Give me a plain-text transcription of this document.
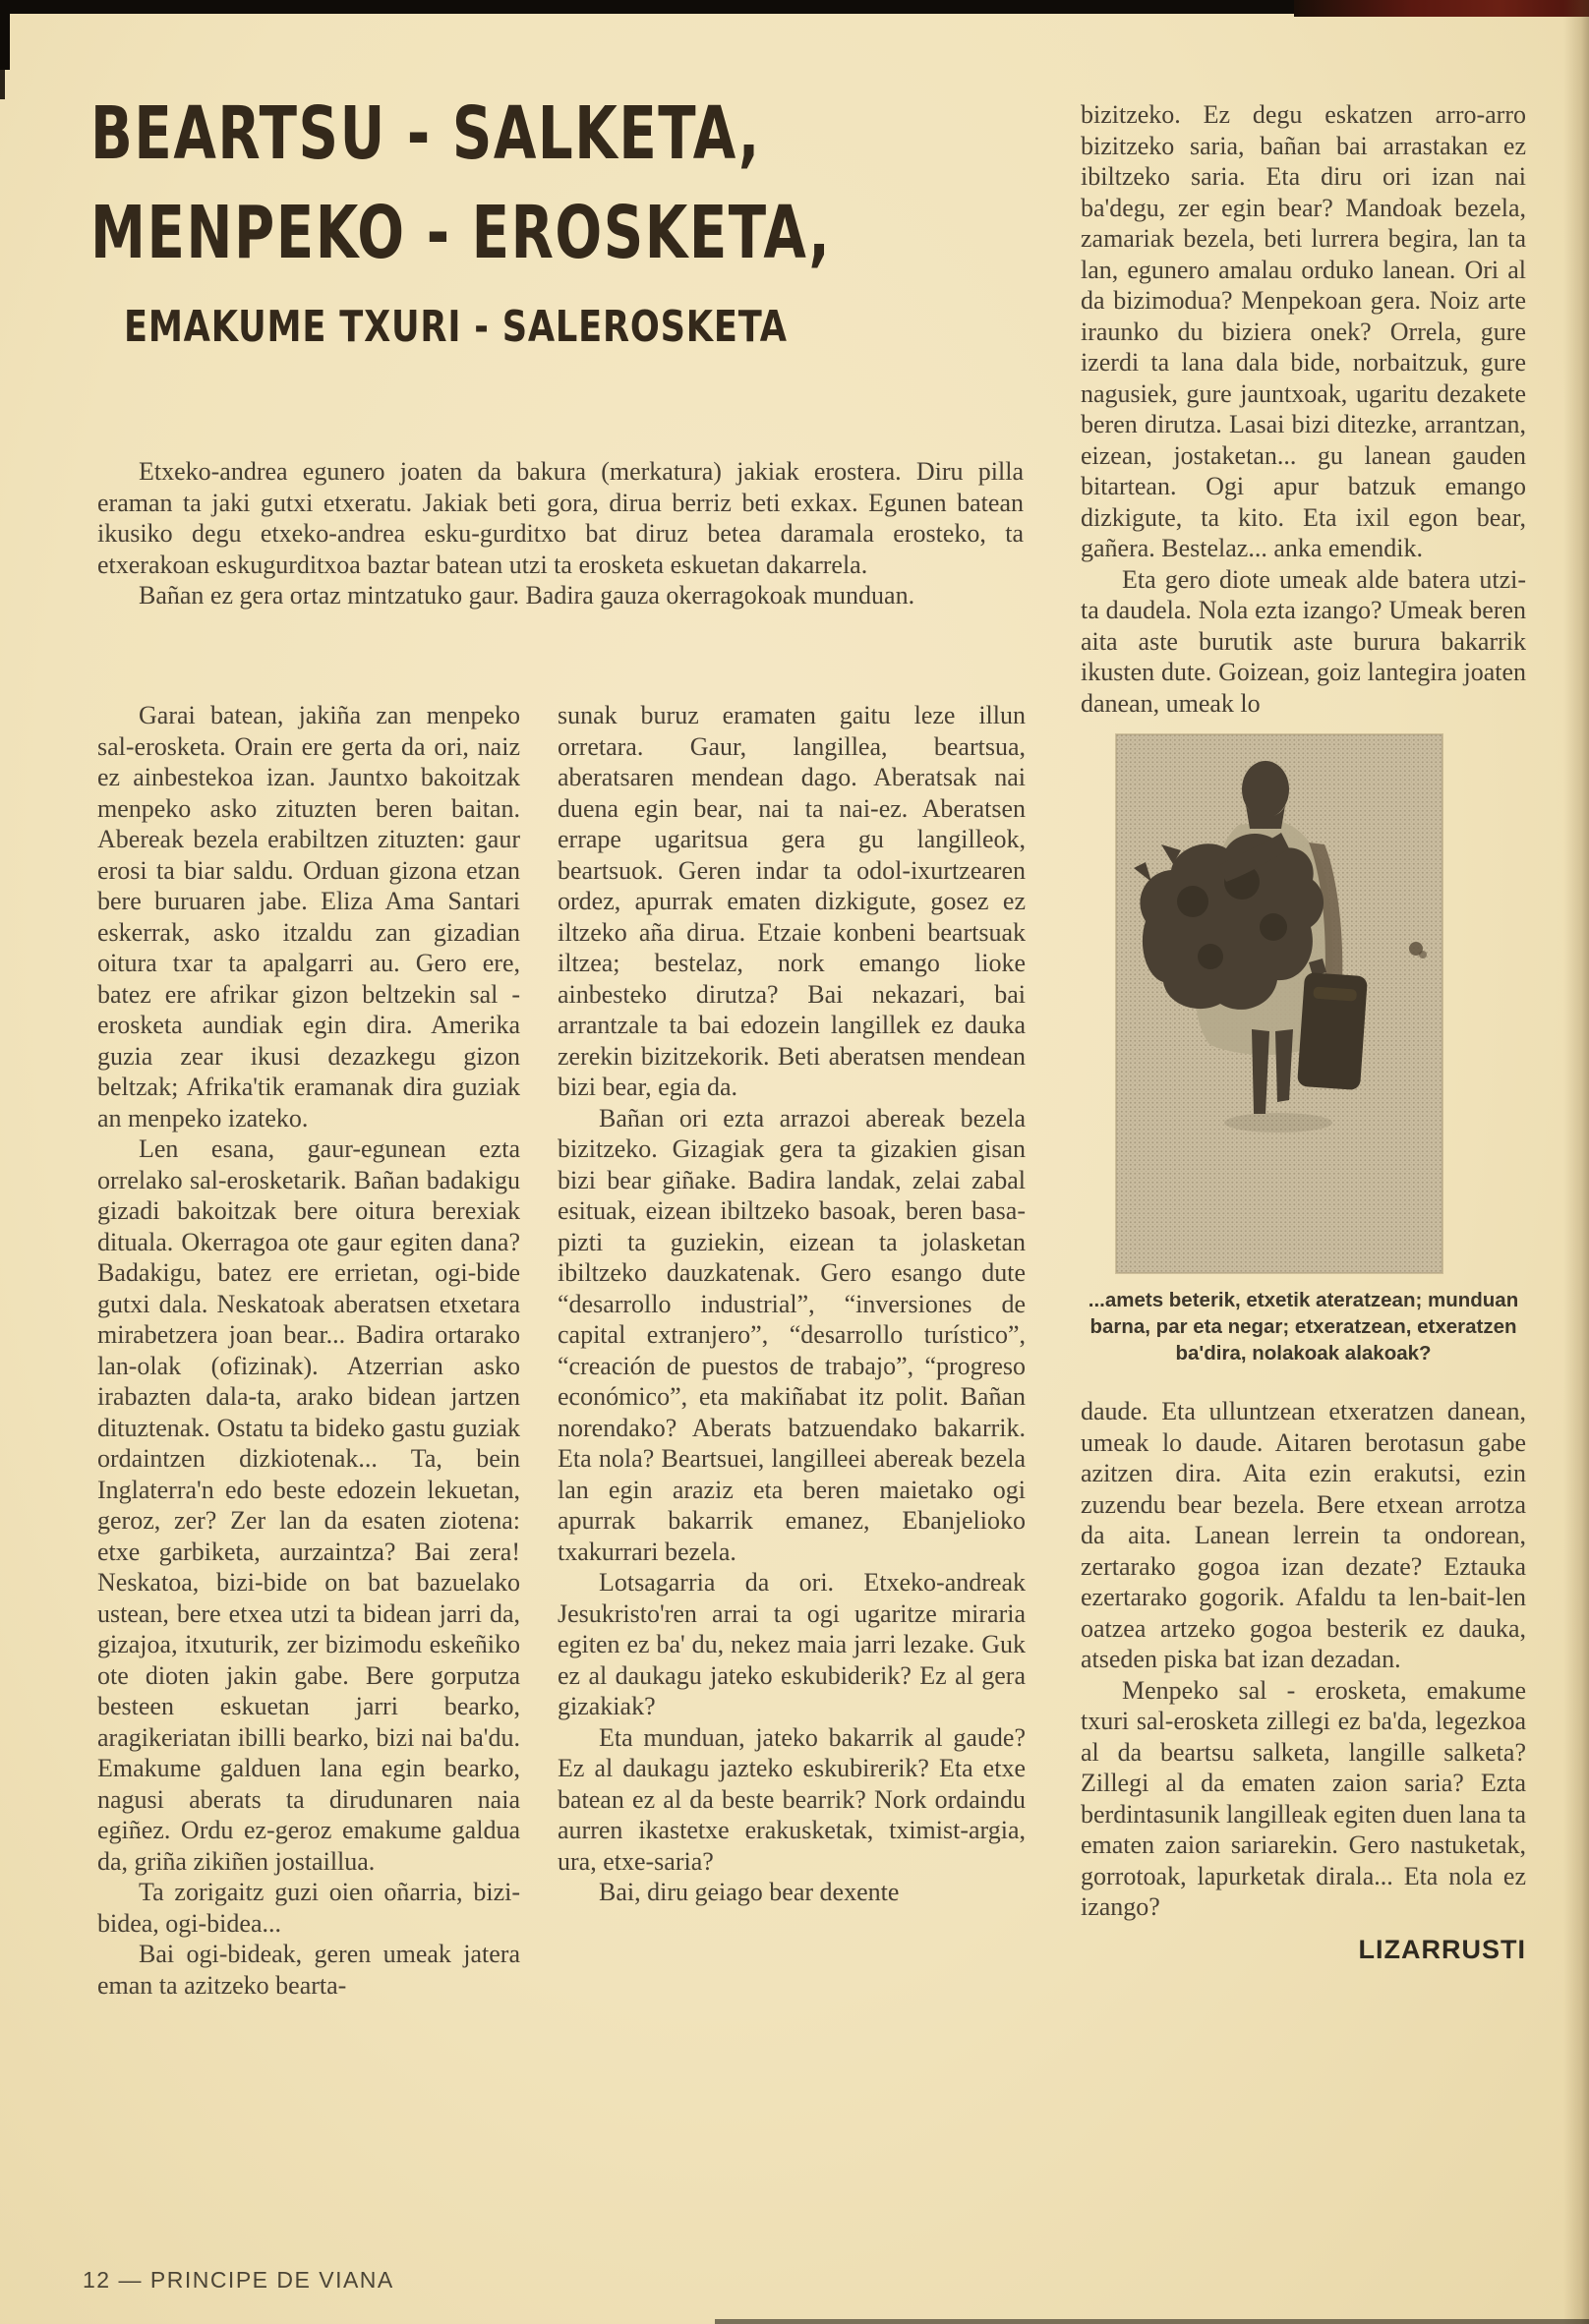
BEARTSU - SALKETA,
MENPEKO - EROSKETA,
EMAKUME TXURI - SALEROSKETA

Etxeko-andrea egunero joaten da bakura (merkatura) jakiak erostera. Diru pilla eraman ta jaki gutxi etxeratu. Jakiak beti gora, dirua berriz beti exkax. Egunen batean ikusiko degu etxeko-andrea esku-gurditxo bat diruz betea daramala erosteko, ta etxerakoan eskugurditxoa baztar batean utzi ta erosketa eskuetan dakarrela.

Bañan ez gera ortaz mintzatuko gaur. Badira gauza okerragokoak munduan.

Garai batean, jakiña zan menpeko sal-erosketa. Orain ere gerta da ori, naiz ez ainbestekoa izan. Jauntxo bakoitzak menpeko asko zituzten beren baitan. Abereak bezela erabiltzen zituzten: gaur erosi ta biar saldu. Orduan gizona etzan bere buruaren jabe. Eliza Ama Santari eskerrak, asko itzaldu zan gizadian oitura txar ta apalgarri au. Gero ere, batez ere afrikar gizon beltzekin sal - erosketa aundiak egin dira. Amerika guzia zear ikusi dezazkegu gizon beltzak; Afrika'tik eramanak dira guziak an menpeko izateko.

Len esana, gaur-egunean ezta orrelako sal-erosketarik. Bañan badakigu gizadi bakoitzak bere oitura berexiak dituala. Okerragoa ote gaur egiten dana? Badakigu, batez ere errietan, ogi-bide gutxi dala. Neskatoak aberatsen etxetara mirabetzera joan bear... Badira ortarako lan-olak (ofizinak). Atzerrian asko irabazten dala-ta, arako bidean jartzen dituztenak. Ostatu ta bideko gastu guziak ordaintzen dizkiotenak... Ta, bein Inglaterra'n edo beste edozein lekuetan, geroz, zer? Zer lan da esaten ziotena: etxe garbiketa, aurzaintza? Bai zera! Neskatoa, bizi-bide on bat bazuelako ustean, bere etxea utzi ta bidean jarri da, gizajoa, itxuturik, zer bizimodu eskeñiko ote dioten jakin gabe. Bere gorputza besteen eskuetan jarri bearko, aragikeriatan ibilli bearko, bizi nai ba'du. Emakume galduen lana egin bearko, nagusi aberats ta dirudunaren naia egiñez. Ordu ez-geroz emakume galdua da, griña zikiñen jostaillua.

Ta zorigaitz guzi oien oñarria, bizi-bidea, ogi-bidea...

Bai ogi-bideak, geren umeak jatera eman ta azitzeko bearta-

sunak buruz eramaten gaitu leze illun orretara. Gaur, langillea, beartsua, aberatsaren mendean dago. Aberatsak nai duena egin bear, nai ta nai-ez. Aberatsen errape ugaritsua gera gu langilleok, beartsuok. Geren indar ta odol-ixurtzearen ordez, apurrak ematen dizkigute, gosez ez iltzeko aña dirua. Etzaie konbeni beartsuak iltzea; bestelaz, nork emango lioke ainbesteko dirutza? Bai nekazari, bai arrantzale ta bai edozein langillek ez dauka zerekin bizitzekorik. Beti aberatsen mendean bizi bear, egia da.

Bañan ori ezta arrazoi abereak bezela bizitzeko. Gizagiak gera ta gizakien gisan bizi bear giñake. Badira landak, zelai zabal esituak, eizean ibiltzeko basoak, beren basa-pizti ta guziekin, eizean ta jolasketan ibiltzeko dauzkatenak. Gero esango dute “desarrollo industrial”, “inversiones de capital extranjero”, “desarrollo turístico”, “creación de puestos de trabajo”, “progreso económico”, eta makiñabat itz polit. Bañan norendako? Aberats batzuendako bakarrik. Eta nola? Beartsuei, langilleei abereak bezela lan egin araziz eta beren maietako ogi apurrak bakarrik emanez, Ebanjelioko txakurrari bezela.

Lotsagarria da ori. Etxeko-andreak Jesukristo'ren arrai ta ogi ugaritze miraria egiten ez ba' du, nekez maia jarri lezake. Guk ez al daukagu jateko eskubiderik? Ez al gera gizakiak?

Eta munduan, jateko bakarrik al gaude? Ez al daukagu jazteko eskubirerik? Eta etxe batean ez al da beste bearrik? Nork ordaindu aurren ikastetxe erakusketak, tximist-argia, ura, etxe-saria?

Bai, diru geiago bear dexente

bizitzeko. Ez degu eskatzen arro-arro bizitzeko saria, bañan bai arrastakan ez ibiltzeko saria. Eta diru ori izan nai ba'degu, zer egin bear? Mandoak bezela, zamariak bezela, beti lurrera begira, lan ta lan, egunero amalau orduko lanean. Ori al da bizimodua? Menpekoan gera. Noiz arte iraunko du biziera onek? Orrela, gure izerdi ta lana dala bide, norbaitzuk, gure nagusiek, gure jauntxoak, ugaritu dezakete beren dirutza. Lasai bizi ditezke, arrantzan, eizean, jostaketan... gu lanean gauden bitartean. Ogi apur batzuk emango dizkigute, ta kito. Eta ixil egon bear, gañera. Bestelaz... anka emendik.

Eta gero diote umeak alde batera utzi-ta daudela. Nola ezta izango? Umeak beren aita aste burutik aste burura bakarrik ikusten dute. Goizean, goiz lantegira joaten danean, umeak lo

...amets beterik, etxetik ateratzean; munduan barna, par eta negar; etxeratzean, etxeratzen ba'dira, nolakoak alakoak?

daude. Eta ulluntzean etxeratzen danean, umeak lo daude. Aitaren berotasun gabe azitzen dira. Aita ezin erakutsi, ezin zuzendu bear bezela. Bere etxean arrotza da aita. Lanean lerrein ta ondorean, zertarako gogoa izan dezate? Eztauka ezertarako gogorik. Afaldu ta len-bait-len oatzea artzeko gogoa besterik ez dauka, atseden piska bat izan dezadan.

Menpeko sal - erosketa, emakume txuri sal-erosketa zillegi ez ba'da, legezkoa al da beartsu salketa, langille salketa? Zillegi al da ematen zaion saria? Ezta berdintasunik langilleak egiten duen lana ta ematen zaion sariarekin. Gero nastuketak, gorrotoak, lapurketak dirala... Eta nola ez izango?

LIZARRUSTI
12 — PRINCIPE DE VIANA
